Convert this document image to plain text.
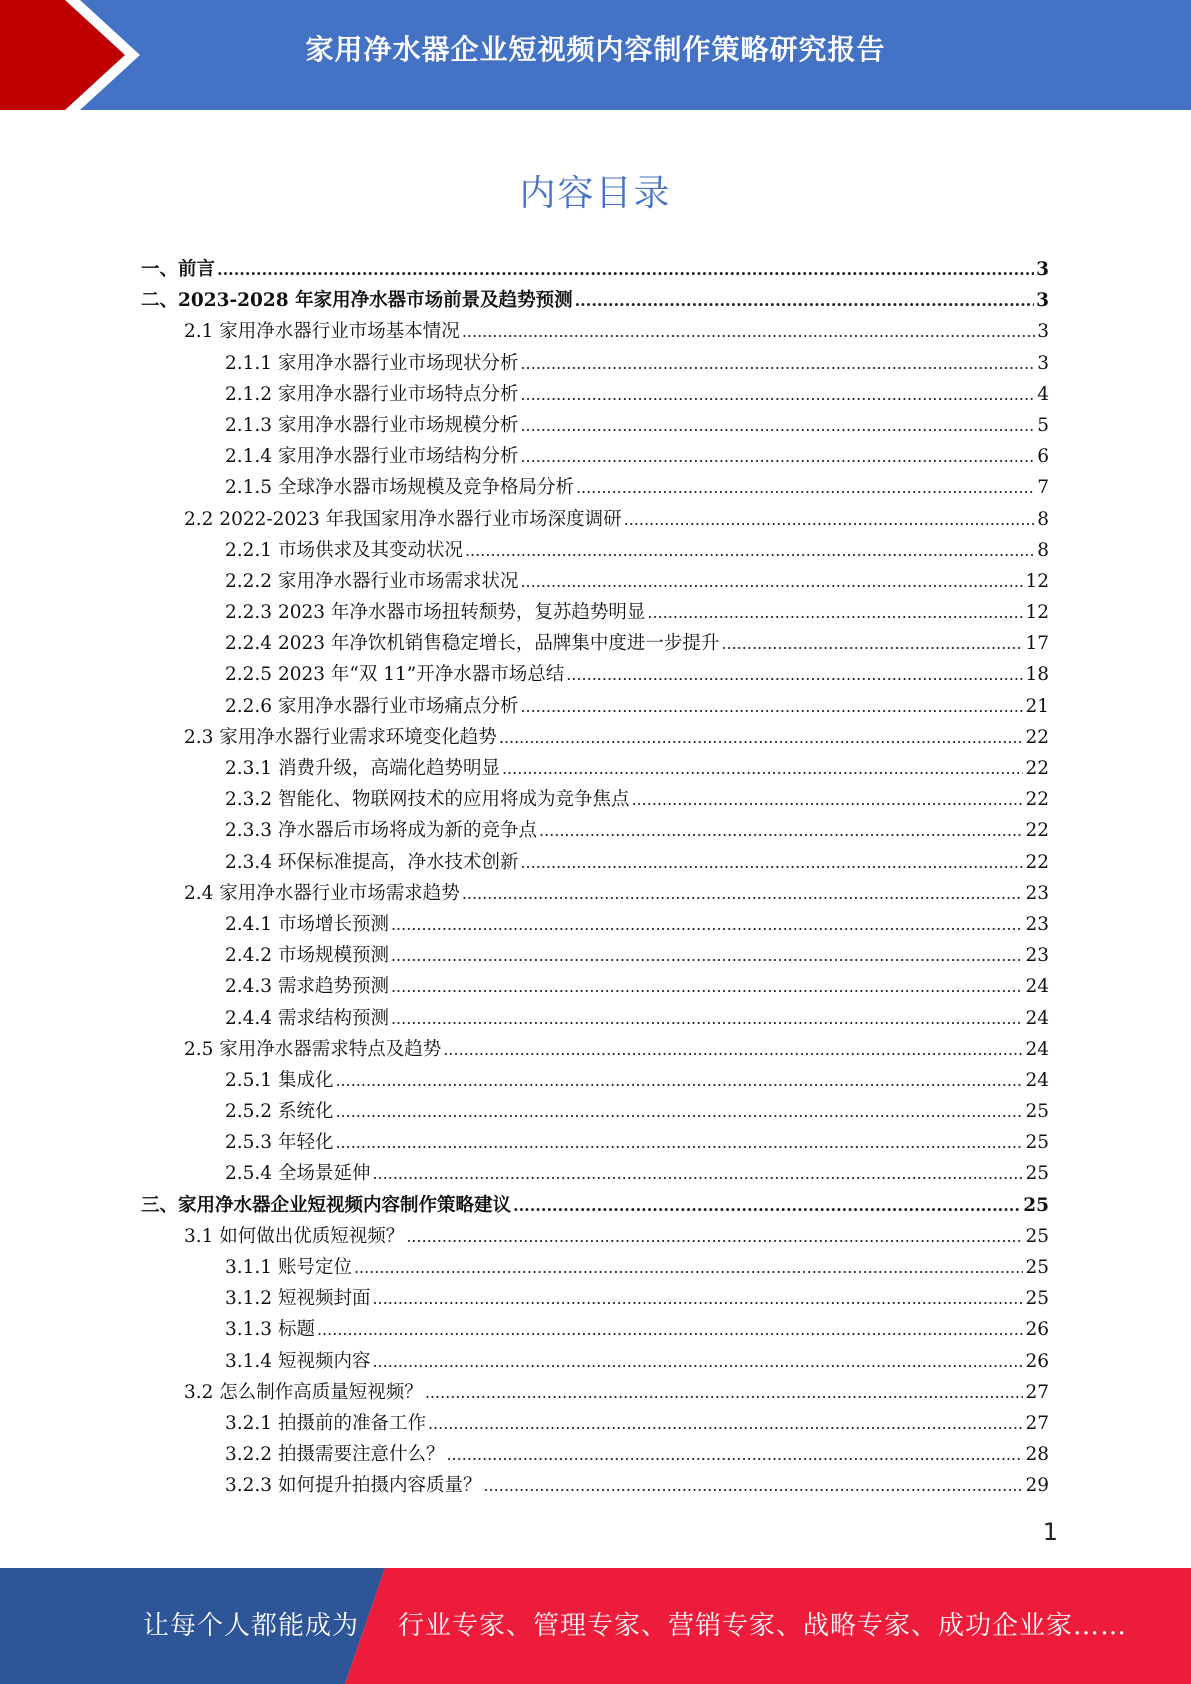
家用净水器企业短视频内容制作策略研究报告
内容目录
一、前言 .....	3
二、2023-2028 年家用净水器市场前景及趋势预测 .....	3
2.1 家用净水器行业市场基本情况 .....	3
2.1.1 家用净水器行业市场现状分析 .....	3
2.1.2 家用净水器行业市场特点分析 .....	4
2.1.3 家用净水器行业市场规模分析 .....	5
2.1.4 家用净水器行业市场结构分析 .....	6
2.1.5 全球净水器市场规模及竞争格局分析 .....	7
2.2 2022-2023 年我国家用净水器行业市场深度调研 .....	8
2.2.1 市场供求及其变动状况 .....	8
2.2.2 家用净水器行业市场需求状况 .....	12
2.2.3 2023 年净水器市场扭转颓势，复苏趋势明显 .....	12
2.2.4 2023 年净饮机销售稳定增长，品牌集中度进一步提升 .....	17
2.2.5 2023 年“双 11”开净水器市场总结 .....	18
2.2.6 家用净水器行业市场痛点分析 .....	21
2.3 家用净水器行业需求环境变化趋势 .....	22
2.3.1 消费升级，高端化趋势明显 .....	22
2.3.2 智能化、物联网技术的应用将成为竞争焦点 .....	22
2.3.3 净水器后市场将成为新的竞争点 .....	22
2.3.4 环保标准提高，净水技术创新 .....	22
2.4 家用净水器行业市场需求趋势 .....	23
2.4.1 市场增长预测 .....	23
2.4.2 市场规模预测 .....	23
2.4.3 需求趋势预测 .....	24
2.4.4 需求结构预测 .....	24
2.5 家用净水器需求特点及趋势 .....	24
2.5.1 集成化 .....	24
2.5.2 系统化 .....	25
2.5.3 年轻化 .....	25
2.5.4 全场景延伸 .....	25
三、家用净水器企业短视频内容制作策略建议 .....	25
3.1 如何做出优质短视频？ .....	25
3.1.1 账号定位 .....	25
3.1.2 短视频封面 .....	25
3.1.3 标题 .....	26
3.1.4 短视频内容 .....	26
3.2 怎么制作高质量短视频？ .....	27
3.2.1 拍摄前的准备工作 .....	27
3.2.2 拍摄需要注意什么？ .....	28
3.2.3 如何提升拍摄内容质量？ .....	29
1
让每个人都能成为 行业专家、管理专家、营销专家、战略专家、成功企业家……
